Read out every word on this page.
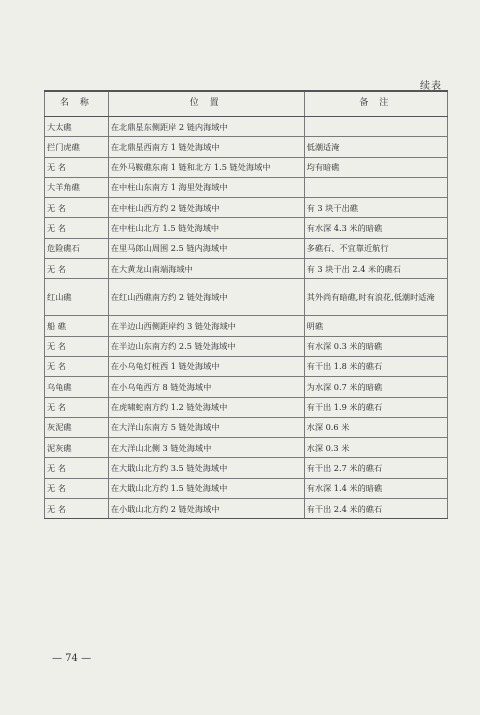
续表
名 称	位 置	备 注
大太礁	在北鼎星东侧距岸 2 链内海域中	
拦门虎礁	在北鼎星西南方 1 链处海域中	低潮适淹
无 名	在外马鞍礁东南 1 链和北方 1.5 链处海域中	均有暗礁
大羊角礁	在中柱山东南方 1 海里处海域中	
无 名	在中柱山西方约 2 链处海域中	有 3 块干出礁
无 名	在中柱山北方 1.5 链处海域中	有水深 4.3 米的暗礁
危险礁石	在里马郎山周围 2.5 链内海域中	多礁石、不宜靠近航行
无 名	在大黄龙山南端海域中	有 3 块干出 2.4 米的礁石
红山礁	在红山西礁南方约 2 链处海域中	其外尚有暗礁,时有浪花,低潮时适淹
船 礁	在半边山西侧距岸约 3 链处海域中	明礁
无 名	在半边山东南方约 2.5 链处海域中	有水深 0.3 米的暗礁
无 名	在小乌龟灯桩西 1 链处海域中	有干出 1.8 米的礁石
乌龟礁	在小乌龟西方 8 链处海域中	为水深 0.7 米的暗礁
无 名	在虎啸蛇南方约 1.2 链处海域中	有干出 1.9 米的礁石
灰泥礁	在大洋山东南方 5 链处海域中	水深 0.6 米
泥灰礁	在大洋山北侧 3 链处海域中	水深 0.3 米
无 名	在大戢山北方约 3.5 链处海域中	有干出 2.7 米的礁石
无 名	在大戢山北方约 1.5 链处海域中	有水深 1.4 米的暗礁
无 名	在小戢山北方约 2 链处海域中	有干出 2.4 米的礁石
— 74 —
